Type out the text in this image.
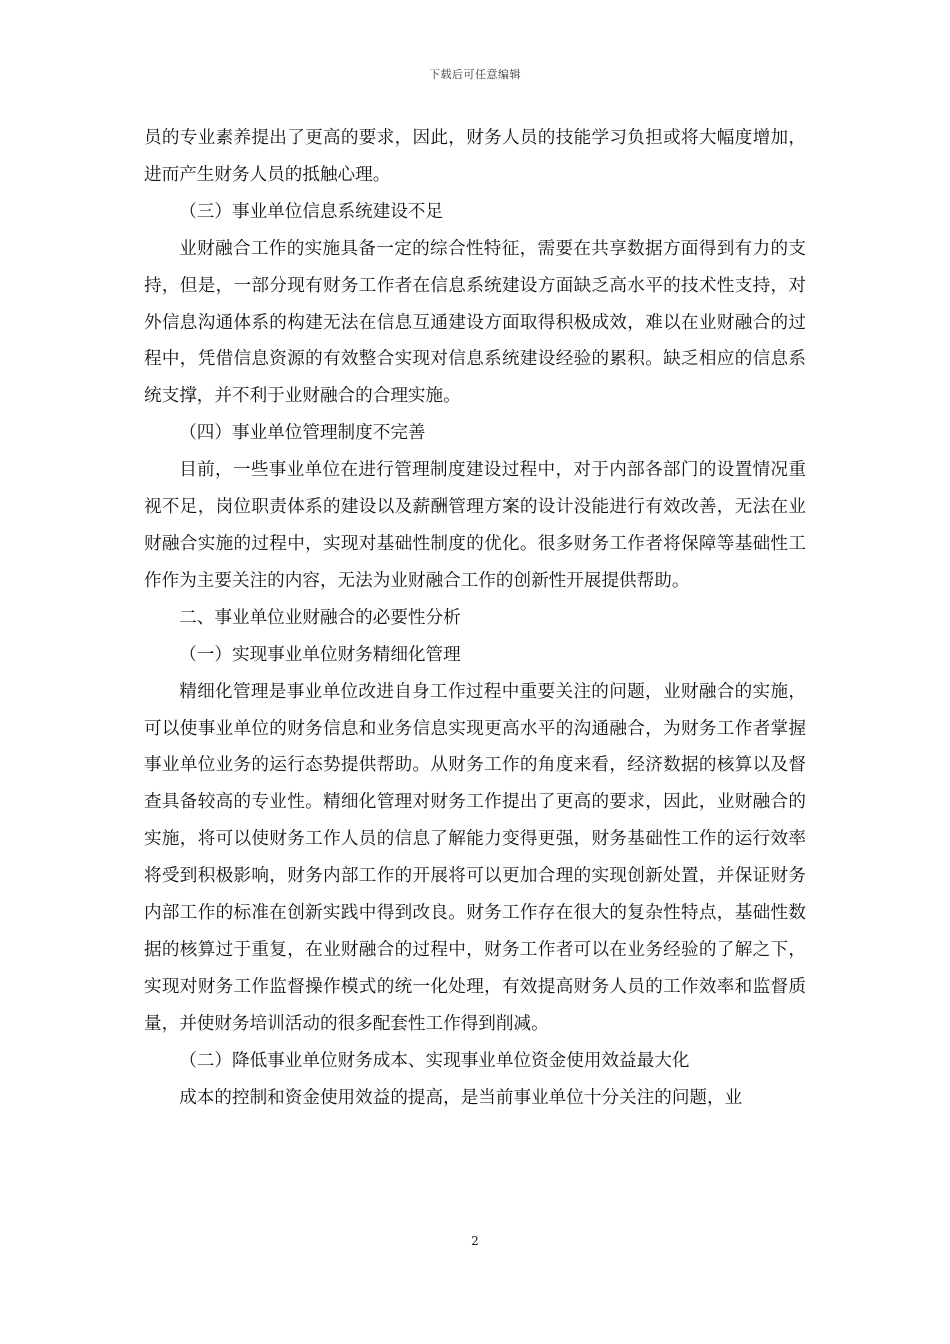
下载后可任意编辑

员的专业素养提出了更高的要求，因此，财务人员的技能学习负担或将大幅度增加，进而产生财务人员的抵触心理。

（三）事业单位信息系统建设不足

业财融合工作的实施具备一定的综合性特征，需要在共享数据方面得到有力的支持，但是，一部分现有财务工作者在信息系统建设方面缺乏高水平的技术性支持，对外信息沟通体系的构建无法在信息互通建设方面取得积极成效，难以在业财融合的过程中，凭借信息资源的有效整合实现对信息系统建设经验的累积。缺乏相应的信息系统支撑，并不利于业财融合的合理实施。

（四）事业单位管理制度不完善

目前，一些事业单位在进行管理制度建设过程中，对于内部各部门的设置情况重视不足，岗位职责体系的建设以及薪酬管理方案的设计没能进行有效改善，无法在业财融合实施的过程中，实现对基础性制度的优化。很多财务工作者将保障等基础性工作作为主要关注的内容，无法为业财融合工作的创新性开展提供帮助。

二、事业单位业财融合的必要性分析

（一）实现事业单位财务精细化管理

精细化管理是事业单位改进自身工作过程中重要关注的问题，业财融合的实施，可以使事业单位的财务信息和业务信息实现更高水平的沟通融合，为财务工作者掌握事业单位业务的运行态势提供帮助。从财务工作的角度来看，经济数据的核算以及督查具备较高的专业性。精细化管理对财务工作提出了更高的要求，因此，业财融合的实施，将可以使财务工作人员的信息了解能力变得更强，财务基础性工作的运行效率将受到积极影响，财务内部工作的开展将可以更加合理的实现创新处置，并保证财务内部工作的标准在创新实践中得到改良。财务工作存在很大的复杂性特点，基础性数据的核算过于重复，在业财融合的过程中，财务工作者可以在业务经验的了解之下，实现对财务工作监督操作模式的统一化处理，有效提高财务人员的工作效率和监督质量，并使财务培训活动的很多配套性工作得到削减。

（二）降低事业单位财务成本、实现事业单位资金使用效益最大化

成本的控制和资金使用效益的提高，是当前事业单位十分关注的问题，业

2
